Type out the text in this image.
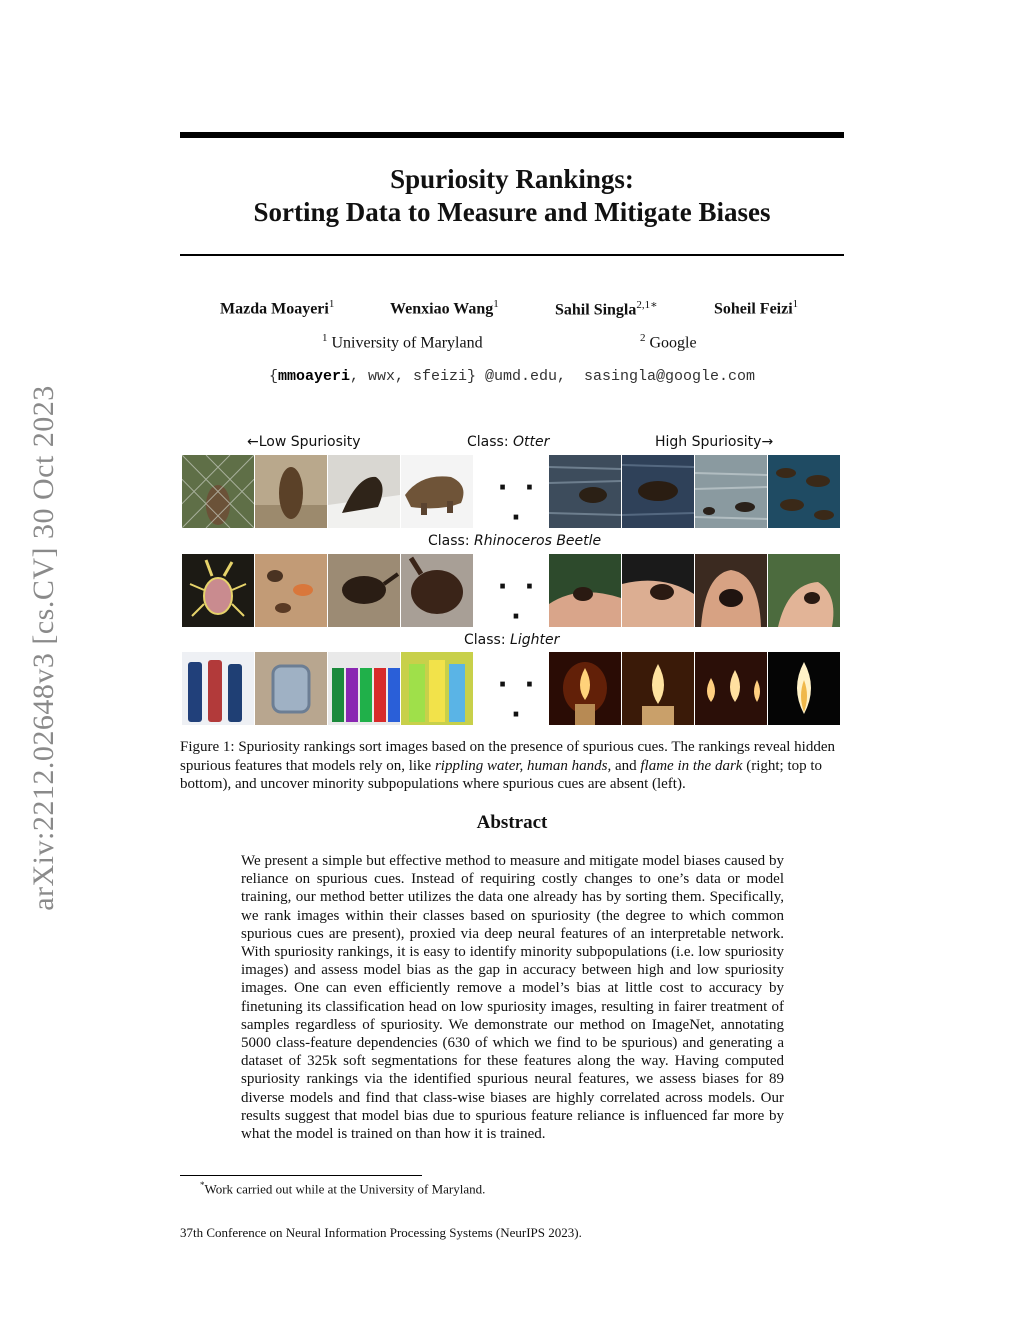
arXiv:2212.02648v3 [cs.CV] 30 Oct 2023
Spuriosity Rankings:
Sorting Data to Measure and Mitigate Biases
Mazda Moayeri$^1$	Wenxiao Wang$^1$	Sahil Singla$^{2,1∗}$	Soheil Feizi$^1$
$^1$ University of Maryland	$^2$ Google
{mmoayeri, wwx, sfeizi} @umd.edu,  sasingla@google.com
←Low Spuriosity	Class: Otter	High Spuriosity→
· · ·
Class: Rhinoceros Beetle
· · ·
Class: Lighter
· · ·
Figure 1: Spuriosity rankings sort images based on the presence of spurious cues. The rankings reveal hidden spurious features that models rely on, like rippling water, human hands, and flame in the dark (right; top to bottom), and uncover minority subpopulations where spurious cues are absent (left).
Abstract

We present a simple but effective method to measure and mitigate model biases caused by reliance on spurious cues. Instead of requiring costly changes to one’s data or model training, our method better utilizes the data one already has by sorting them. Specifically, we rank images within their classes based on spuriosity (the degree to which common spurious cues are present), proxied via deep neural features of an interpretable network. With spuriosity rankings, it is easy to identify minority subpopulations (i.e. low spuriosity images) and assess model bias as the gap in accuracy between high and low spuriosity images. One can even efficiently remove a model’s bias at little cost to accuracy by finetuning its classification head on low spuriosity images, resulting in fairer treatment of samples regardless of spuriosity. We demonstrate our method on ImageNet, annotating 5000 class-feature dependencies (630 of which we find to be spurious) and generating a dataset of 325k soft segmentations for these features along the way. Having computed spuriosity rankings via the identified spurious neural features, we assess biases for 89 diverse models and find that class-wise biases are highly correlated across models. Our results suggest that model bias due to spurious feature reliance is influenced far more by what the model is trained on than how it is trained.

*Work carried out while at the University of Maryland.
37th Conference on Neural Information Processing Systems (NeurIPS 2023).
